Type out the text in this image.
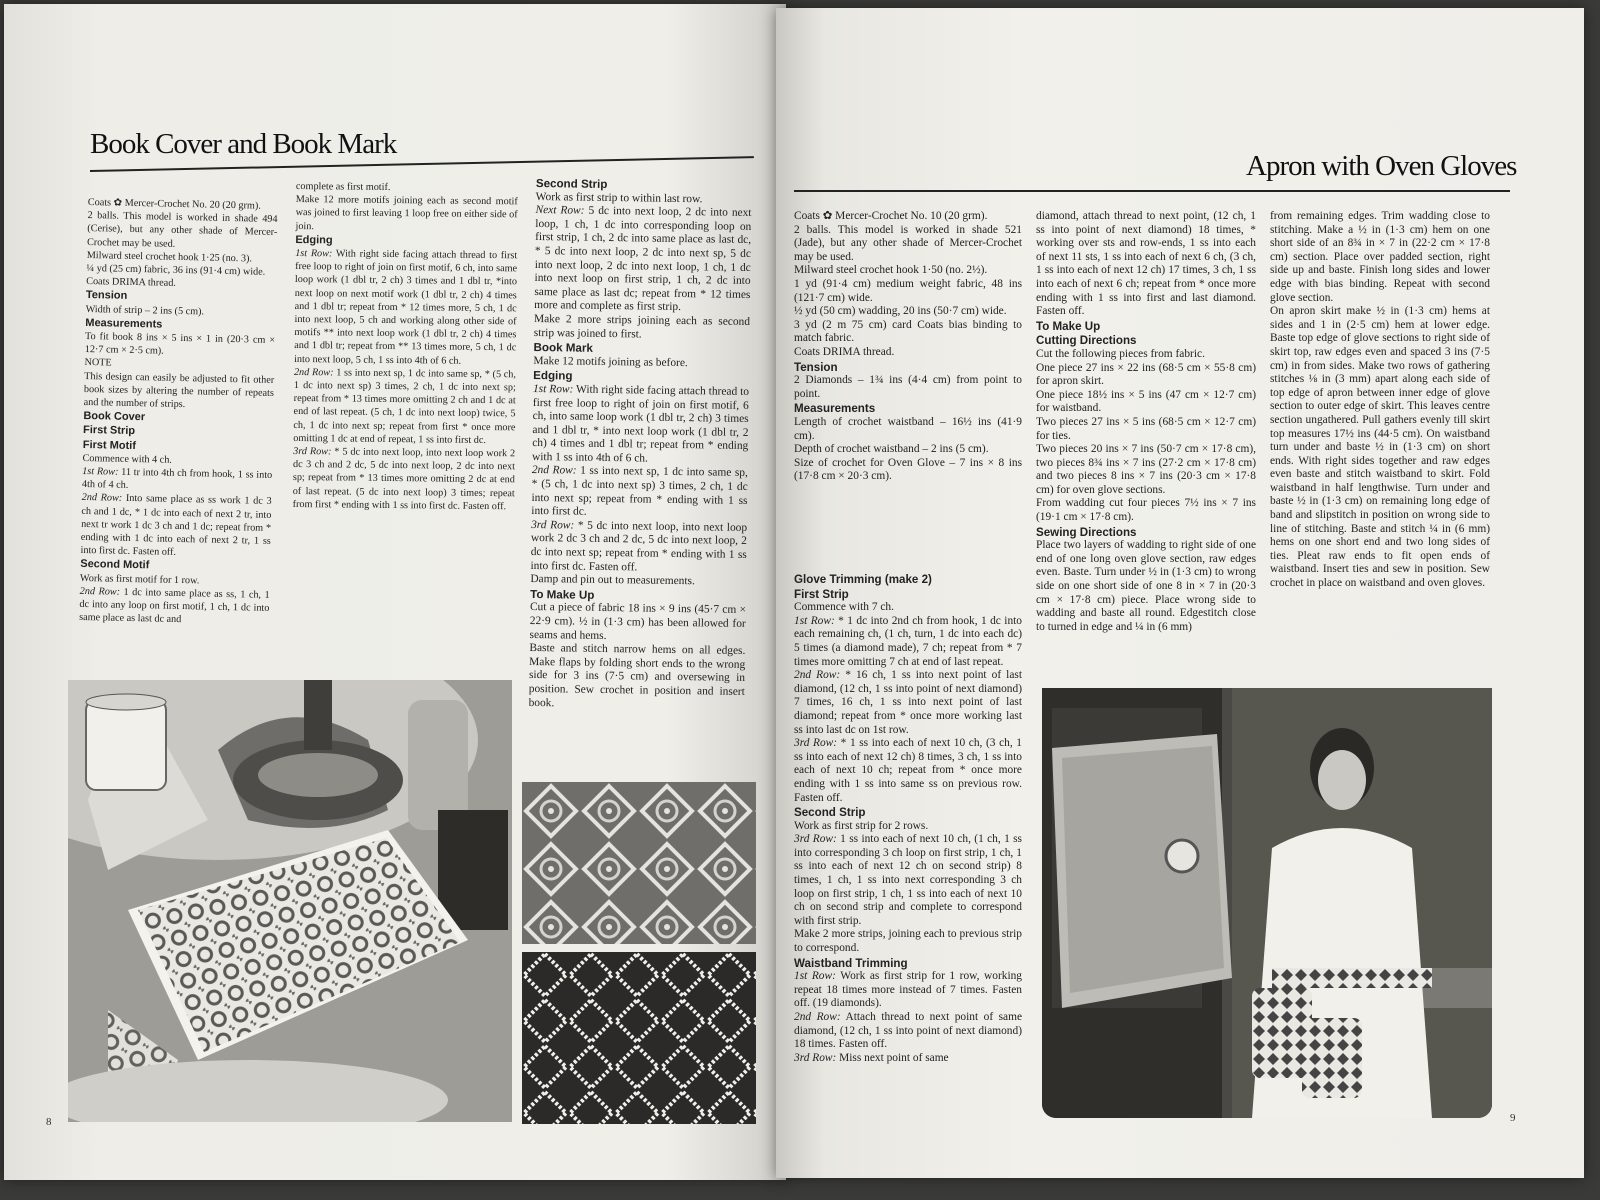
Book Cover and Book Mark
Coats ✿ Mercer-Crochet No. 20 (20 grm).
2 balls. This model is worked in shade 494 (Cerise), but any other shade of Mercer-Crochet may be used.
Milward steel crochet hook 1·25 (no. 3).
¼ yd (25 cm) fabric, 36 ins (91·4 cm) wide.
Coats DRIMA thread.
Tension
Width of strip – 2 ins (5 cm).
Measurements
To fit book 8 ins × 5 ins × 1 in (20·3 cm × 12·7 cm × 2·5 cm).
NOTE
This design can easily be adjusted to fit other book sizes by altering the number of repeats and the number of strips.
Book Cover
First Strip
First Motif
Commence with 4 ch.
1st Row: 11 tr into 4th ch from hook, 1 ss into 4th of 4 ch.
2nd Row: Into same place as ss work 1 dc 3 ch and 1 dc, * 1 dc into each of next 2 tr, into next tr work 1 dc 3 ch and 1 dc; repeat from * ending with 1 dc into each of next 2 tr, 1 ss into first dc. Fasten off.
Second Motif
Work as first motif for 1 row.
2nd Row: 1 dc into same place as ss, 1 ch, 1 dc into any loop on first motif, 1 ch, 1 dc into same place as last dc and
complete as first motif.
Make 12 more motifs joining each as second motif was joined to first leaving 1 loop free on either side of join.
Edging
1st Row: With right side facing attach thread to first free loop to right of join on first motif, 6 ch, into same loop work (1 dbl tr, 2 ch) 3 times and 1 dbl tr, *into next loop on next motif work (1 dbl tr, 2 ch) 4 times and 1 dbl tr; repeat from * 12 times more, 5 ch, 1 dc into next loop, 5 ch and working along other side of motifs ** into next loop work (1 dbl tr, 2 ch) 4 times and 1 dbl tr; repeat from ** 13 times more, 5 ch, 1 dc into next loop, 5 ch, 1 ss into 4th of 6 ch.
2nd Row: 1 ss into next sp, 1 dc into same sp, * (5 ch, 1 dc into next sp) 3 times, 2 ch, 1 dc into next sp; repeat from * 13 times more omitting 2 ch and 1 dc at end of last repeat. (5 ch, 1 dc into next loop) twice, 5 ch, 1 dc into next sp; repeat from first * once more omitting 1 dc at end of repeat, 1 ss into first dc.
3rd Row: * 5 dc into next loop, into next loop work 2 dc 3 ch and 2 dc, 5 dc into next loop, 2 dc into next sp; repeat from * 13 times more omitting 2 dc at end of last repeat. (5 dc into next loop) 3 times; repeat from first * ending with 1 ss into first dc. Fasten off.
Second Strip
Work as first strip to within last row.
Next Row: 5 dc into next loop, 2 dc into next loop, 1 ch, 1 dc into corresponding loop on first strip, 1 ch, 2 dc into same place as last dc, * 5 dc into next loop, 2 dc into next sp, 5 dc into next loop, 2 dc into next loop, 1 ch, 1 dc into next loop on first strip, 1 ch, 2 dc into same place as last dc; repeat from * 12 times more and complete as first strip.
Make 2 more strips joining each as second strip was joined to first.
Book Mark
Make 12 motifs joining as before.
Edging
1st Row: With right side facing attach thread to first free loop to right of join on first motif, 6 ch, into same loop work (1 dbl tr, 2 ch) 3 times and 1 dbl tr, * into next loop work (1 dbl tr, 2 ch) 4 times and 1 dbl tr; repeat from * ending with 1 ss into 4th of 6 ch.
2nd Row: 1 ss into next sp, 1 dc into same sp, * (5 ch, 1 dc into next sp) 3 times, 2 ch, 1 dc into next sp; repeat from * ending with 1 ss into first dc.
3rd Row: * 5 dc into next loop, into next loop work 2 dc 3 ch and 2 dc, 5 dc into next loop, 2 dc into next sp; repeat from * ending with 1 ss into first dc. Fasten off.
Damp and pin out to measurements.
To Make Up
Cut a piece of fabric 18 ins × 9 ins (45·7 cm × 22·9 cm). ½ in (1·3 cm) has been allowed for seams and hems.
Baste and stitch narrow hems on all edges. Make flaps by folding short ends to the wrong side for 3 ins (7·5 cm) and oversewing in position. Sew crochet in position and insert book.
8
Apron with Oven Gloves
Coats ✿ Mercer-Crochet No. 10 (20 grm).
2 balls. This model is worked in shade 521 (Jade), but any other shade of Mercer-Crochet may be used.
Milward steel crochet hook 1·50 (no. 2½).
1 yd (91·4 cm) medium weight fabric, 48 ins (121·7 cm) wide.
½ yd (50 cm) wadding, 20 ins (50·7 cm) wide.
3 yd (2 m 75 cm) card Coats bias binding to match fabric.
Coats DRIMA thread.
Tension
2 Diamonds – 1¾ ins (4·4 cm) from point to point.
Measurements
Length of crochet waistband – 16½ ins (41·9 cm).
Depth of crochet waistband – 2 ins (5 cm).
Size of crochet for Oven Glove – 7 ins × 8 ins (17·8 cm × 20·3 cm).
Glove Trimming (make 2)
First Strip
Commence with 7 ch.
1st Row: * 1 dc into 2nd ch from hook, 1 dc into each remaining ch, (1 ch, turn, 1 dc into each dc) 5 times (a diamond made), 7 ch; repeat from * 7 times more omitting 7 ch at end of last repeat.
2nd Row: * 16 ch, 1 ss into next point of last diamond, (12 ch, 1 ss into point of next diamond) 7 times, 16 ch, 1 ss into next point of last diamond; repeat from * once more working last ss into last dc on 1st row.
3rd Row: * 1 ss into each of next 10 ch, (3 ch, 1 ss into each of next 12 ch) 8 times, 3 ch, 1 ss into each of next 10 ch; repeat from * once more ending with 1 ss into same ss on previous row. Fasten off.
Second Strip
Work as first strip for 2 rows.
3rd Row: 1 ss into each of next 10 ch, (1 ch, 1 ss into corresponding 3 ch loop on first strip, 1 ch, 1 ss into each of next 12 ch on second strip) 8 times, 1 ch, 1 ss into next corresponding 3 ch loop on first strip, 1 ch, 1 ss into each of next 10 ch on second strip and complete to correspond with first strip.
Make 2 more strips, joining each to previous strip to correspond.
Waistband Trimming
1st Row: Work as first strip for 1 row, working repeat 18 times more instead of 7 times. Fasten off. (19 diamonds).
2nd Row: Attach thread to next point of same diamond, (12 ch, 1 ss into point of next diamond) 18 times. Fasten off.
3rd Row: Miss next point of same
diamond, attach thread to next point, (12 ch, 1 ss into point of next diamond) 18 times, * working over sts and row-ends, 1 ss into each of next 11 sts, 1 ss into each of next 6 ch, (3 ch, 1 ss into each of next 12 ch) 17 times, 3 ch, 1 ss into each of next 6 ch; repeat from * once more ending with 1 ss into first and last diamond. Fasten off.
To Make Up
Cutting Directions
Cut the following pieces from fabric.
One piece 27 ins × 22 ins (68·5 cm × 55·8 cm) for apron skirt.
One piece 18½ ins × 5 ins (47 cm × 12·7 cm) for waistband.
Two pieces 27 ins × 5 ins (68·5 cm × 12·7 cm) for ties.
Two pieces 20 ins × 7 ins (50·7 cm × 17·8 cm), two pieces 8¾ ins × 7 ins (27·2 cm × 17·8 cm) and two pieces 8 ins × 7 ins (20·3 cm × 17·8 cm) for oven glove sections.
From wadding cut four pieces 7½ ins × 7 ins (19·1 cm × 17·8 cm).
Sewing Directions
Place two layers of wadding to right side of one end of one long oven glove section, raw edges even. Baste. Turn under ½ in (1·3 cm) to wrong side on one short side of one 8 in × 7 in (20·3 cm × 17·8 cm) piece. Place wrong side to wadding and baste all round. Edgestitch close to turned in edge and ¼ in (6 mm)
from remaining edges. Trim wadding close to stitching. Make a ½ in (1·3 cm) hem on one short side of an 8¾ in × 7 in (22·2 cm × 17·8 cm) section. Place over padded section, right side up and baste. Finish long sides and lower edge with bias binding. Repeat with second glove section.
On apron skirt make ½ in (1·3 cm) hems at sides and 1 in (2·5 cm) hem at lower edge. Baste top edge of glove sections to right side of skirt top, raw edges even and spaced 3 ins (7·5 cm) in from sides. Make two rows of gathering stitches ⅛ in (3 mm) apart along each side of top edge of apron between inner edge of glove section to outer edge of skirt. This leaves centre section ungathered. Pull gathers evenly till skirt top measures 17½ ins (44·5 cm). On waistband turn under and baste ½ in (1·3 cm) on short ends. With right sides together and raw edges even baste and stitch waistband to skirt. Fold waistband in half lengthwise. Turn under and baste ½ in (1·3 cm) on remaining long edge of band and slipstitch in position on wrong side to line of stitching. Baste and stitch ¼ in (6 mm) hems on one short end and two long sides of ties. Pleat raw ends to fit open ends of waistband. Insert ties and sew in position. Sew crochet in place on waistband and oven gloves.
9
